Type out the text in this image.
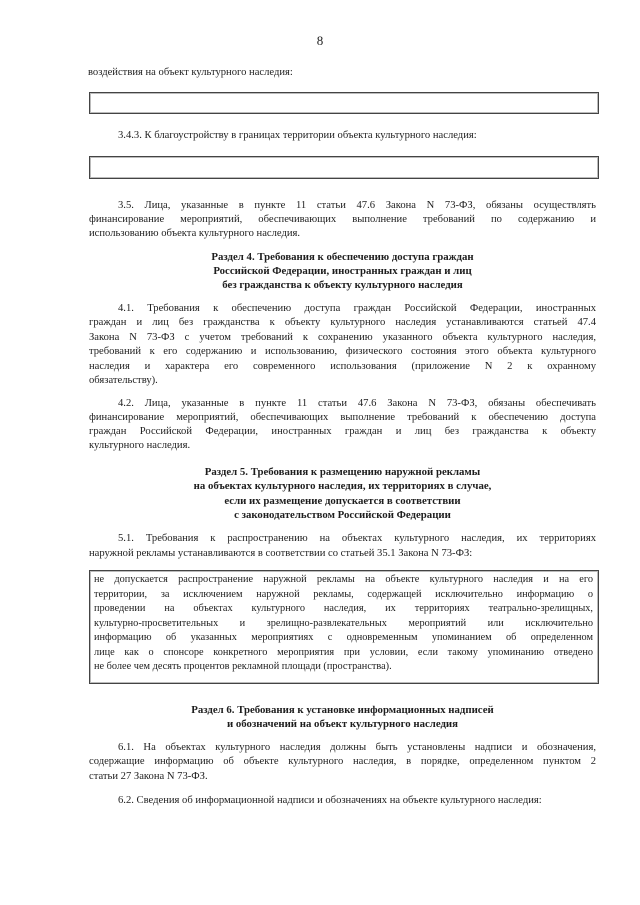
8
воздействия на объект культурного наследия:
3.4.3. К благоустройству в границах территории объекта культурного наследия:
3.5. Лица, указанные в пункте 11 статьи 47.6 Закона N 73-ФЗ, обязаны осуществлять
финансирование мероприятий, обеспечивающих выполнение требований по содержанию и
использованию объекта культурного наследия.
Раздел 4. Требования к обеспечению доступа граждан
Российской Федерации, иностранных граждан и лиц
без гражданства к объекту культурного наследия
4.1. Требования к обеспечению доступа граждан Российской Федерации, иностранных
граждан и лиц без гражданства к объекту культурного наследия устанавливаются статьей 47.4
Закона N 73-ФЗ с учетом требований к сохранению указанного объекта культурного наследия,
требований к его содержанию и использованию, физического состояния этого объекта культурного
наследия и характера его современного использования (приложение N 2 к охранному
обязательству).
4.2. Лица, указанные в пункте 11 статьи 47.6 Закона N 73-ФЗ, обязаны обеспечивать
финансирование мероприятий, обеспечивающих выполнение требований к обеспечению доступа
граждан Российской Федерации, иностранных граждан и лиц без гражданства к объекту
культурного наследия.
Раздел 5. Требования к размещению наружной рекламы
на объектах культурного наследия, их территориях в случае,
если их размещение допускается в соответствии
с законодательством Российской Федерации
5.1. Требования к распространению на объектах культурного наследия, их территориях
наружной рекламы устанавливаются в соответствии со статьей 35.1 Закона N 73-ФЗ:
не допускается распространение наружной рекламы на объекте культурного наследия и на его
территории, за исключением наружной рекламы, содержащей исключительно информацию о
проведении на объектах культурного наследия, их территориях театрально-зрелищных,
культурно-просветительных и зрелищно-развлекательных мероприятий или исключительно
информацию об указанных мероприятиях с одновременным упоминанием об определенном
лице как о спонсоре конкретного мероприятия при условии, если такому упоминанию отведено
не более чем десять процентов рекламной площади (пространства).
Раздел 6. Требования к установке информационных надписей
и обозначений на объект культурного наследия
6.1. На объектах культурного наследия должны быть установлены надписи и обозначения,
содержащие информацию об объекте культурного наследия, в порядке, определенном пунктом 2
статьи 27 Закона N 73-ФЗ.
6.2. Сведения об информационной надписи и обозначениях на объекте культурного наследия:
